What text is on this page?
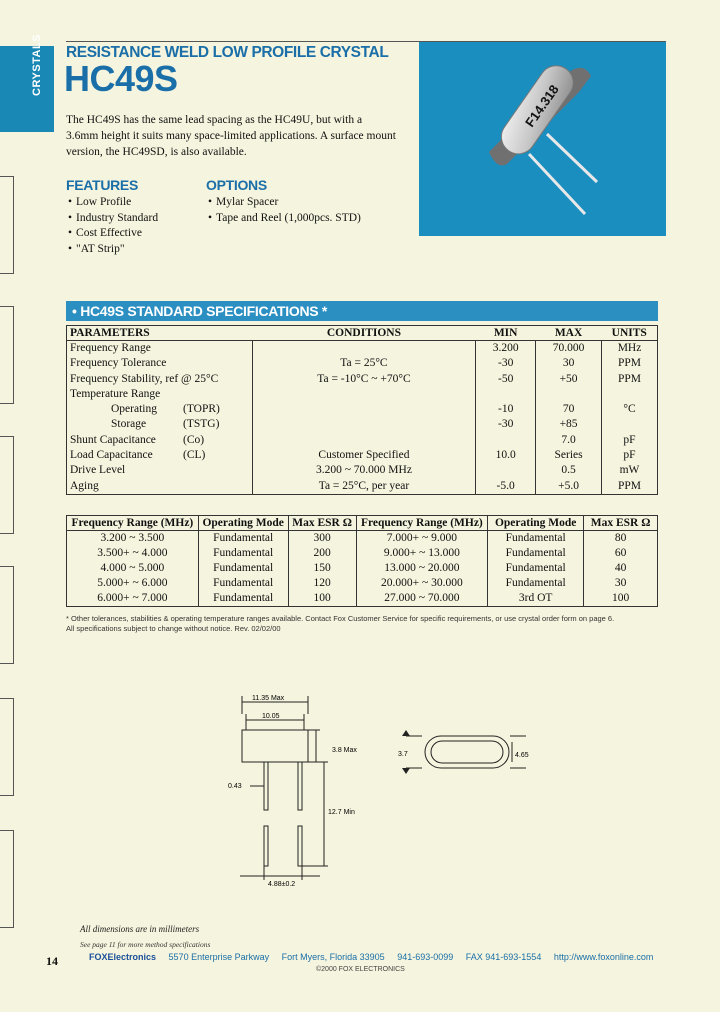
CRYSTALS RESISTANCE WELD LOW PROFILE CRYSTAL
HC49S

The HC49S has the same lead spacing as the HC49U, but with a 3.6mm height it suits many space-limited applications. A surface mount version, the HC49SD, is also available.

F14.318
FEATURES
• Low Profile
• Industry Standard
• Cost Effective
• "AT Strip"
OPTIONS
• Mylar Spacer
• Tape and Reel (1,000pcs. STD)
• HC49S STANDARD SPECIFICATIONS *
PARAMETERS	CONDITIONS	MIN	MAX	UNITS
Frequency Range		3.200	70.000	MHz
Frequency Tolerance	Ta = 25°C	-30	30	PPM
Frequency Stability, ref @ 25°C	Ta = -10°C ~ +70°C	-50	+50	PPM
Temperature Range				
Operating (TOPR)		-10	70	°C
Storage (TSTG)		-30	+85	
Shunt Capacitance (Co)			7.0	pF
Load Capacitance (CL)	Customer Specified	10.0	Series	pF
Drive Level	3.200 ~ 70.000 MHz		0.5	mW
Aging	Ta = 25°C, per year	-5.0	+5.0	PPM
Frequency Range (MHz)	Operating Mode	Max ESR Ω	Frequency Range (MHz)	Operating Mode	Max ESR Ω
3.200 ~ 3.500	Fundamental	300	7.000+ ~ 9.000	Fundamental	80
3.500+ ~ 4.000	Fundamental	200	9.000+ ~ 13.000	Fundamental	60
4.000 ~ 5.000	Fundamental	150	13.000 ~ 20.000	Fundamental	40
5.000+ ~ 6.000	Fundamental	120	20.000+ ~ 30.000	Fundamental	30
6.000+ ~ 7.000	Fundamental	100	27.000 ~ 70.000	3rd OT	100
* Other tolerances, stabilities & operating temperature ranges available. Contact Fox Customer Service for specific requirements, or use crystal order form on page 6.
All specifications subject to change without notice. Rev. 02/02/00
11.35 Max
10.05
3.8 Max
0.43
12.7 Min
4.88±0.2
3.7	4.65
All dimensions are in millimeters
See page 11 for more method specifications
14	FOXElectronics 5570 Enterprise Parkway Fort Myers, Florida 33905 941-693-0099 FAX 941-693-1554 http://www.foxonline.com
©2000 FOX ELECTRONICS
